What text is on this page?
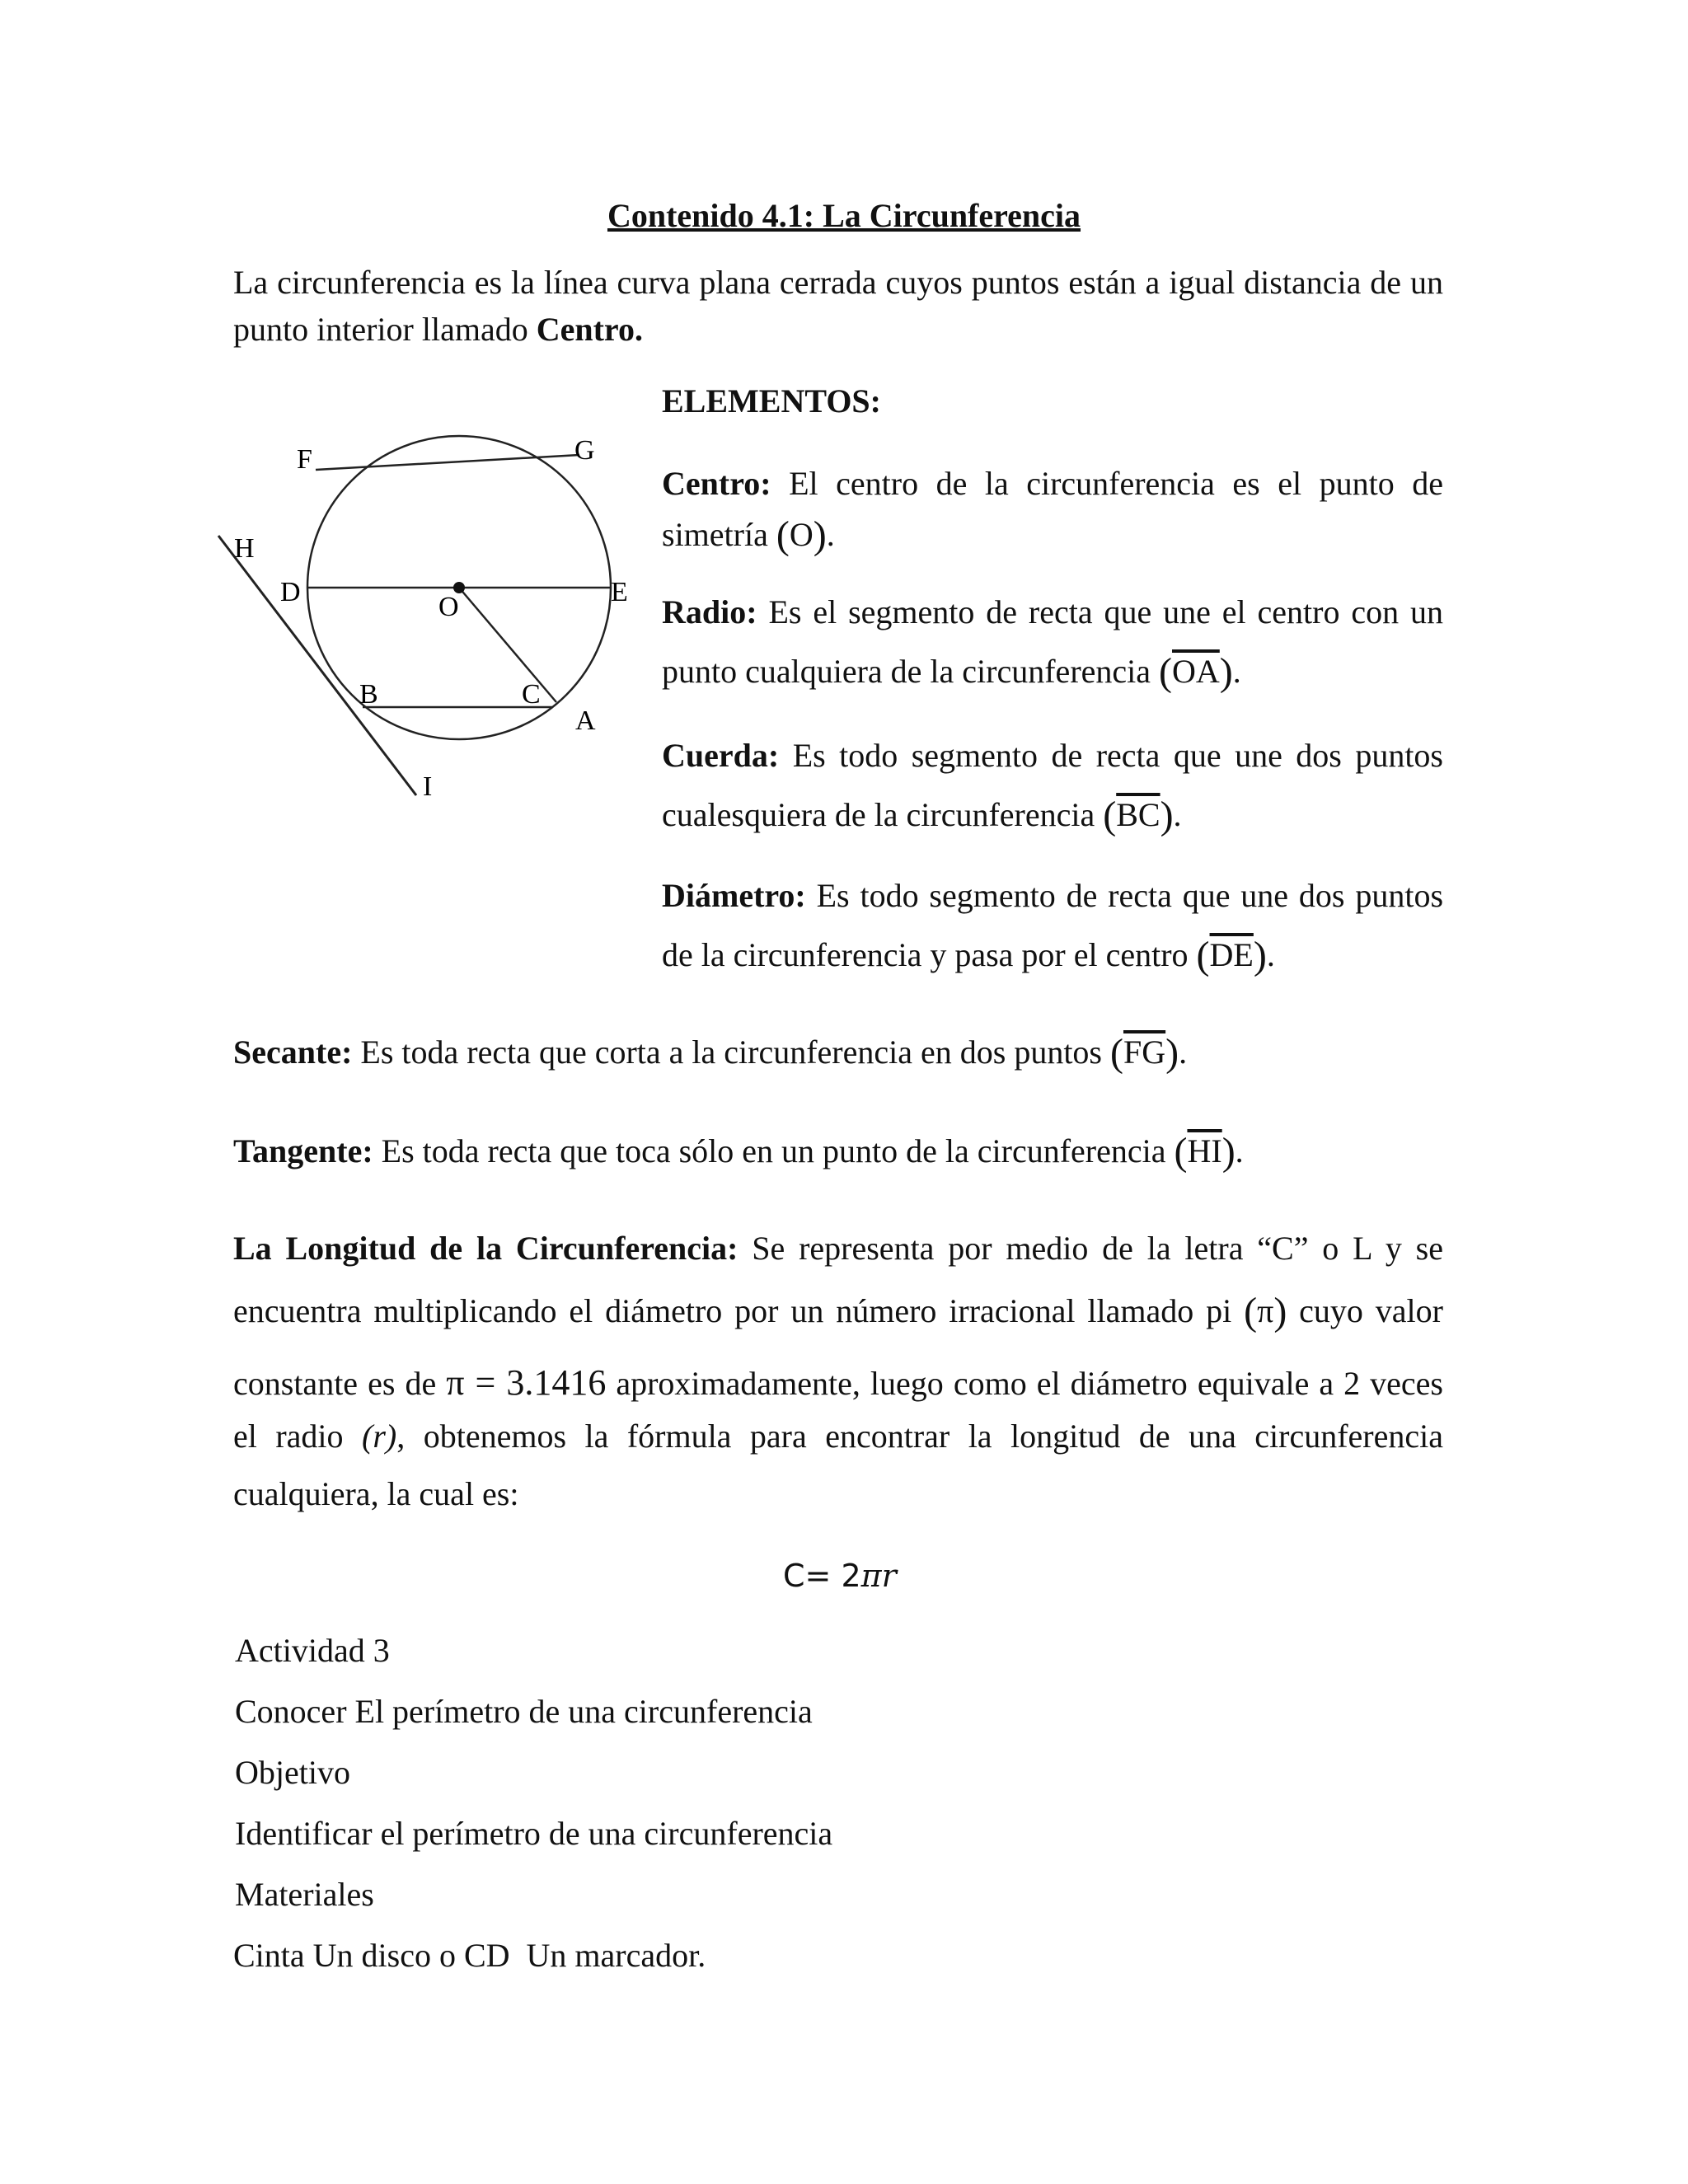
Contenido 4.1: La Circunferencia
La circunferencia es la línea curva plana cerrada cuyos puntos están a igual distancia de un
punto interior llamado Centro.
F	G
H
D	O	E
B	C
A
I
ELEMENTOS:
Centro: El centro de la circunferencia es el punto de
simetría (O).
Radio: Es el segmento de recta que une el centro con un
punto cualquiera de la circunferencia $(\overline{OA})$.
Cuerda: Es todo segmento de recta que une dos puntos
cualesquiera de la circunferencia $(\overline{BC})$.
Diámetro: Es todo segmento de recta que une dos puntos
de la circunferencia y pasa por el centro $(\overline{DE})$.
Secante: Es toda recta que corta a la circunferencia en dos puntos $(\overline{FG})$.
Tangente: Es toda recta que toca sólo en un punto de la circunferencia $(\overline{HI})$.
La Longitud de la Circunferencia: Se representa por medio de la letra “C” o L y se
encuentra multiplicando el diámetro por un número irracional llamado pi (π) cuyo valor
constante es de π = 3.1416 aproximadamente, luego como el diámetro equivale a 2 veces
el radio (r), obtenemos la fórmula para encontrar la longitud de una circunferencia
cualquiera, la cual es:
C= 2πr
Actividad 3
Conocer El perímetro de una circunferencia
Objetivo
Identificar el perímetro de una circunferencia
Materiales
Cinta Un disco o CD  Un marcador.
